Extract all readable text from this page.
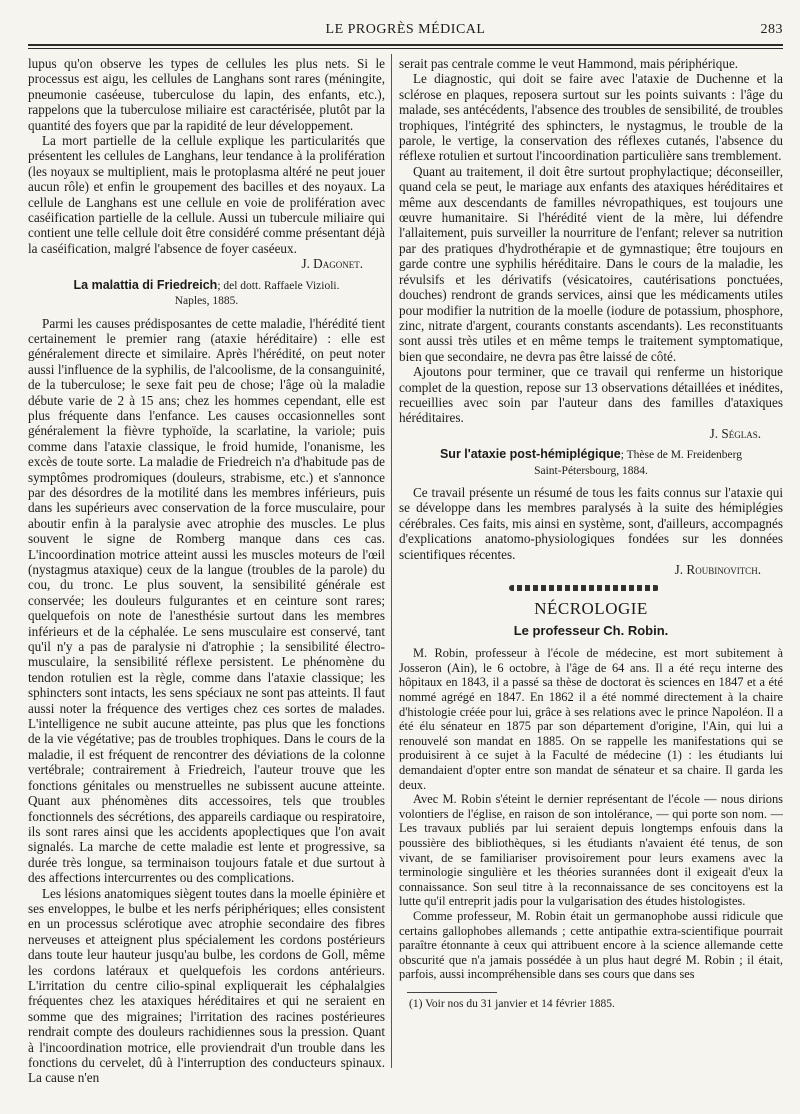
LE PROGRÈS MÉDICAL	283

lupus qu'on observe les types de cellules les plus nets. Si le processus est aigu, les cellules de Langhans sont rares (méningite, pneumonie caséeuse, tuberculose du lapin, des enfants, etc.), rappelons que la tuberculose miliaire est caractérisée, plutôt par la quantité des foyers que par la rapidité de leur développement.

La mort partielle de la cellule explique les particularités que présentent les cellules de Langhans, leur tendance à la prolifération (les noyaux se multiplient, mais le protoplasma altéré ne peut jouer aucun rôle) et enfin le groupement des bacilles et des noyaux. La cellule de Langhans est une cellule en voie de prolifération avec caséification partielle de la cellule. Aussi un tubercule miliaire qui contient une telle cellule doit être considéré comme présentant déjà la caséification, malgré l'absence de foyer caséeux.

J. Dagonet.
La malattia di Friedreich; del dott. Raffaele Vizioli.
Naples, 1885.

Parmi les causes prédisposantes de cette maladie, l'hérédité tient certainement le premier rang (ataxie héréditaire) : elle est généralement directe et similaire. Après l'hérédité, on peut noter aussi l'influence de la syphilis, de l'alcoolisme, de la consanguinité, de la tuberculose; le sexe fait peu de chose; l'âge où la maladie débute varie de 2 à 15 ans; chez les hommes cependant, elle est plus fréquente dans l'enfance. Les causes occasionnelles sont généralement la fièvre typhoïde, la scarlatine, la variole; puis comme dans l'ataxie classique, le froid humide, l'onanisme, les excès de toute sorte. La maladie de Friedreich n'a d'habitude pas de symptômes prodromiques (douleurs, strabisme, etc.) et s'annonce par des désordres de la motilité dans les membres inférieurs, puis dans les supérieurs avec conservation de la force musculaire, pour aboutir enfin à la paralysie avec atrophie des muscles. Le plus souvent le signe de Romberg manque dans ces cas. L'incoordination motrice atteint aussi les muscles moteurs de l'œil (nystagmus ataxique) ceux de la langue (troubles de la parole) du cou, du tronc. Le plus souvent, la sensibilité générale est conservée; les douleurs fulgurantes et en ceinture sont rares; quelquefois on note de l'anesthésie surtout dans les membres inférieurs et de la céphalée. Le sens musculaire est conservé, tant qu'il n'y a pas de paralysie ni d'atrophie ; la sensibilité électro-musculaire, la sensibilité réflexe persistent. Le phénomène du tendon rotulien est la règle, comme dans l'ataxie classique; les sphincters sont intacts, les sens spéciaux ne sont pas atteints. Il faut aussi noter la fréquence des vertiges chez ces sortes de malades. L'intelligence ne subit aucune atteinte, pas plus que les fonctions de la vie végétative; pas de troubles trophiques. Dans le cours de la maladie, il est fréquent de rencontrer des déviations de la colonne vertébrale; contrairement à Friedreich, l'auteur trouve que les fonctions génitales ou menstruelles ne subissent aucune atteinte. Quant aux phénomènes dits accessoires, tels que troubles fonctionnels des sécrétions, des appareils cardiaque ou respiratoire, ils sont rares ainsi que les accidents apoplectiques que l'on avait signalés. La marche de cette maladie est lente et progressive, sa durée très longue, sa terminaison toujours fatale et due surtout à des affections intercurrentes ou des complications.

Les lésions anatomiques siègent toutes dans la moelle épinière et ses enveloppes, le bulbe et les nerfs périphériques; elles consistent en un processus sclérotique avec atrophie secondaire des fibres nerveuses et atteignent plus spécialement les cordons postérieurs dans toute leur hauteur jusqu'au bulbe, les cordons de Goll, même les cordons latéraux et quelquefois les cordons antérieurs. L'irritation du centre cilio-spinal expliquerait les céphalalgies fréquentes chez les ataxiques héréditaires et qui ne seraient en somme que des migraines; l'irritation des racines postérieures rendrait compte des douleurs rachidiennes sous la pression. Quant à l'incoordination motrice, elle proviendrait d'un trouble dans les fonctions du cervelet, dû à l'interruption des conducteurs spinaux. La cause n'en

serait pas centrale comme le veut Hammond, mais périphérique.

Le diagnostic, qui doit se faire avec l'ataxie de Duchenne et la sclérose en plaques, reposera surtout sur les points suivants : l'âge du malade, ses antécédents, l'absence des troubles de sensibilité, de troubles trophiques, l'intégrité des sphincters, le nystagmus, le trouble de la parole, le vertige, la conservation des réflexes cutanés, l'absence du réflexe rotulien et surtout l'incoordination particulière sans tremblement.

Quant au traitement, il doit être surtout prophylactique; déconseiller, quand cela se peut, le mariage aux enfants des ataxiques héréditaires et même aux descendants de familles névropathiques, est toujours une œuvre humanitaire. Si l'hérédité vient de la mère, lui défendre l'allaitement, puis surveiller la nourriture de l'enfant; relever sa nutrition par des pratiques d'hydrothérapie et de gymnastique; être toujours en garde contre une syphilis héréditaire. Dans le cours de la maladie, les révulsifs et les dérivatifs (vésicatoires, cautérisations ponctuées, douches) rendront de grands services, ainsi que les médicaments utiles pour modifier la nutrition de la moelle (iodure de potassium, phosphore, zinc, nitrate d'argent, courants constants ascendants). Les reconstituants sont aussi très utiles et en même temps le traitement symptomatique, bien que secondaire, ne devra pas être laissé de côté.

Ajoutons pour terminer, que ce travail qui renferme un historique complet de la question, repose sur 13 observations détaillées et inédites, recueillies avec soin par l'auteur dans des familles d'ataxiques héréditaires.

J. Séglas.
Sur l'ataxie post-hémiplégique; Thèse de M. Freidenberg
Saint-Pétersbourg, 1884.

Ce travail présente un résumé de tous les faits connus sur l'ataxie qui se développe dans les membres paralysés à la suite des hémiplégies cérébrales. Ces faits, mis ainsi en système, sont, d'ailleurs, accompagnés d'explications anatomo-physiologiques fondées sur les données scientifiques récentes.

J. Roubinovitch.
NÉCROLOGIE
Le professeur Ch. Robin.

M. Robin, professeur à l'école de médecine, est mort subitement à Josseron (Ain), le 6 octobre, à l'âge de 64 ans. Il a été reçu interne des hôpitaux en 1843, il a passé sa thèse de doctorat ès sciences en 1847 et a été nommé agrégé en 1847. En 1862 il a été nommé directement à la chaire d'histologie créée pour lui, grâce à ses relations avec le prince Napoléon. Il a été élu sénateur en 1875 par son département d'origine, l'Ain, qui lui a renouvelé son mandat en 1885. On se rappelle les manifestations qui se produisirent à ce sujet à la Faculté de médecine (1) : les étudiants lui demandaient d'opter entre son mandat de sénateur et sa chaire. Il garda les deux.

Avec M. Robin s'éteint le dernier représentant de l'école — nous dirions volontiers de l'église, en raison de son intolérance, — qui porte son nom. — Les travaux publiés par lui seraient depuis longtemps enfouis dans la poussière des bibliothèques, si les étudiants n'avaient été tenus, de son vivant, de se familiariser provisoirement pour leurs examens avec la terminologie singulière et les théories surannées dont il exigeait d'eux la connaissance. Son seul titre à la reconnaissance de ses concitoyens est la lutte qu'il entreprit jadis pour la vulgarisation des études histologistes.

Comme professeur, M. Robin était un germanophobe aussi ridicule que certains gallophobes allemands ; cette antipathie extra-scientifique pourrait paraître étonnante à ceux qui attribuent encore à la science allemande cette obscurité que n'a jamais possédée à un plus haut degré M. Robin ; il était, parfois, aussi incompréhensible dans ses cours que dans ses

(1) Voir nos du 31 janvier et 14 février 1885.
